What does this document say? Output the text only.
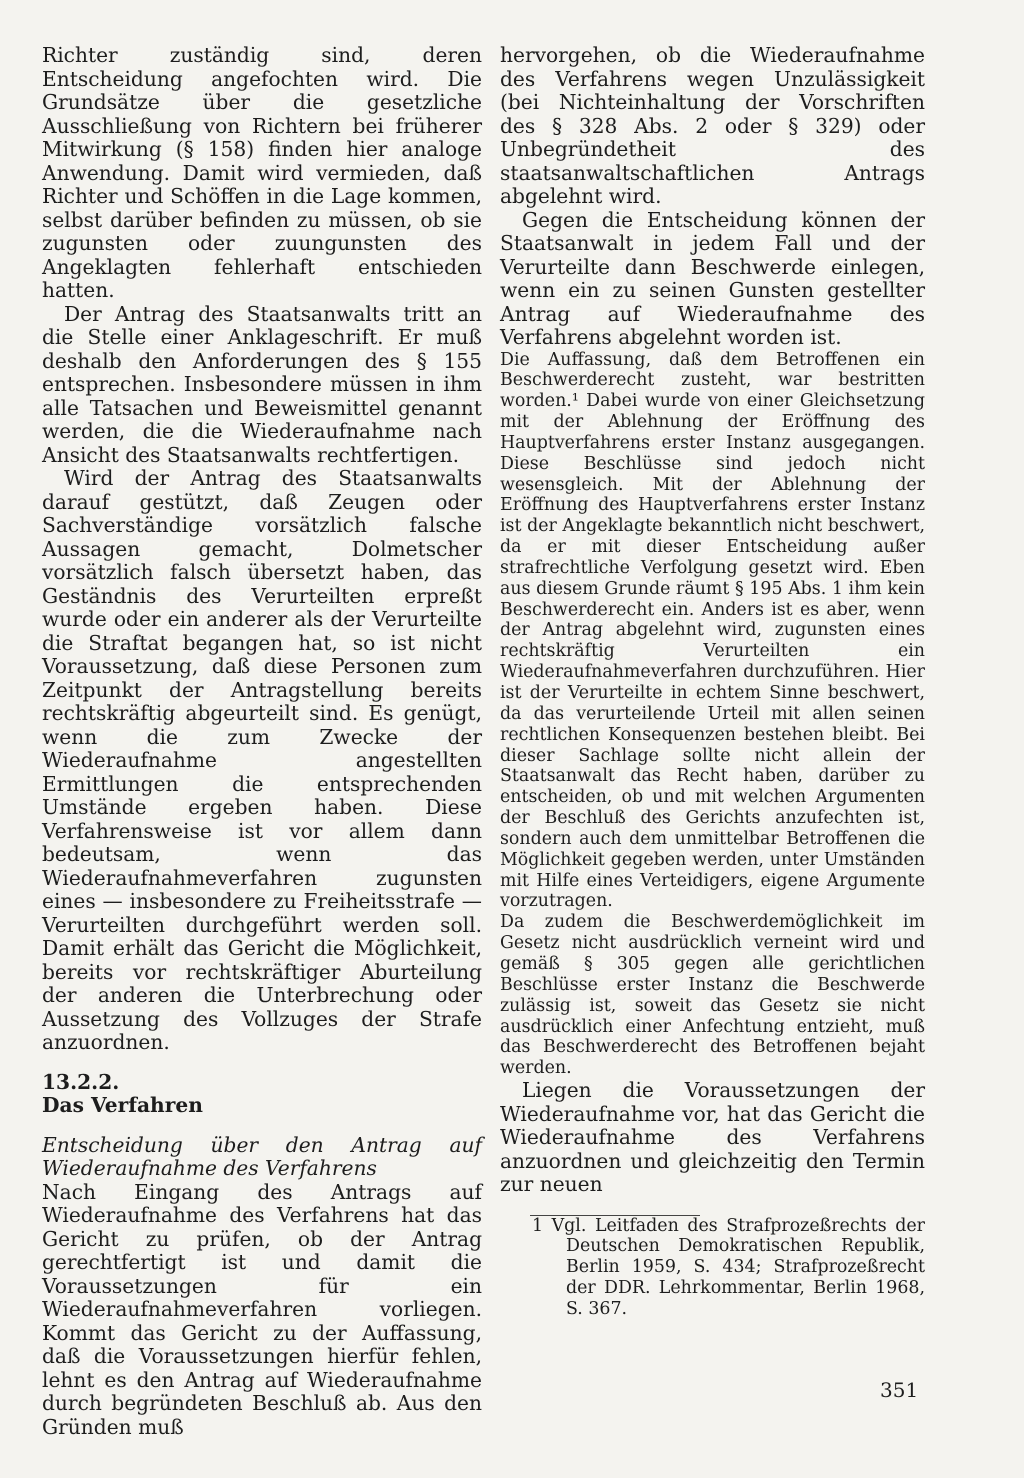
Richter zuständig sind, deren Entscheidung angefochten wird. Die Grundsätze über die gesetzliche Ausschließung von Richtern bei früherer Mitwirkung (§ 158) finden hier analoge Anwendung. Damit wird vermieden, daß Richter und Schöffen in die Lage kommen, selbst darüber befinden zu müssen, ob sie zugunsten oder zuungunsten des Angeklagten fehlerhaft entschieden hatten.

Der Antrag des Staatsanwalts tritt an die Stelle einer Anklageschrift. Er muß deshalb den Anforderungen des § 155 entsprechen. Insbesondere müssen in ihm alle Tatsachen und Beweismittel genannt werden, die die Wiederaufnahme nach Ansicht des Staatsanwalts rechtfertigen.

Wird der Antrag des Staatsanwalts darauf gestützt, daß Zeugen oder Sachverständige vorsätzlich falsche Aussagen gemacht, Dolmetscher vorsätzlich falsch übersetzt haben, das Geständnis des Verurteilten erpreßt wurde oder ein anderer als der Verurteilte die Straftat begangen hat, so ist nicht Voraussetzung, daß diese Personen zum Zeitpunkt der Antragstellung bereits rechtskräftig abgeurteilt sind. Es genügt, wenn die zum Zwecke der Wiederaufnahme angestellten Ermittlungen die entsprechenden Umstände ergeben haben. Diese Verfahrensweise ist vor allem dann bedeutsam, wenn das Wiederaufnahmeverfahren zugunsten eines — insbesondere zu Freiheitsstrafe — Verurteilten durchgeführt werden soll. Damit erhält das Gericht die Möglichkeit, bereits vor rechtskräftiger Aburteilung der anderen die Unterbrechung oder Aussetzung des Vollzuges der Strafe anzuordnen.

13.2.2.

Das Verfahren

Entscheidung über den Antrag auf Wiederaufnahme des Verfahrens

Nach Eingang des Antrags auf Wiederaufnahme des Verfahrens hat das Gericht zu prüfen, ob der Antrag gerechtfertigt ist und damit die Voraussetzungen für ein Wiederaufnahmeverfahren vorliegen. Kommt das Gericht zu der Auffassung, daß die Voraussetzungen hierfür fehlen, lehnt es den Antrag auf Wiederaufnahme durch begründeten Beschluß ab. Aus den Gründen muß

hervorgehen, ob die Wiederaufnahme des Verfahrens wegen Unzulässigkeit (bei Nichteinhaltung der Vorschriften des § 328 Abs. 2 oder § 329) oder Unbegründetheit des staatsanwaltschaftlichen Antrags abgelehnt wird.

Gegen die Entscheidung können der Staatsanwalt in jedem Fall und der Verurteilte dann Beschwerde einlegen, wenn ein zu seinen Gunsten gestellter Antrag auf Wiederaufnahme des Verfahrens abgelehnt worden ist.

Die Auffassung, daß dem Betroffenen ein Beschwerderecht zusteht, war bestritten worden.¹ Dabei wurde von einer Gleichsetzung mit der Ablehnung der Eröffnung des Hauptverfahrens erster Instanz ausgegangen. Diese Beschlüsse sind jedoch nicht wesensgleich. Mit der Ablehnung der Eröffnung des Hauptverfahrens erster Instanz ist der Angeklagte bekanntlich nicht beschwert, da er mit dieser Entscheidung außer strafrechtliche Verfolgung gesetzt wird. Eben aus diesem Grunde räumt § 195 Abs. 1 ihm kein Beschwerderecht ein. Anders ist es aber, wenn der Antrag abgelehnt wird, zugunsten eines rechtskräftig Verurteilten ein Wiederaufnahmeverfahren durchzuführen. Hier ist der Verurteilte in echtem Sinne beschwert, da das verurteilende Urteil mit allen seinen rechtlichen Konsequenzen bestehen bleibt. Bei dieser Sachlage sollte nicht allein der Staatsanwalt das Recht haben, darüber zu entscheiden, ob und mit welchen Argumenten der Beschluß des Gerichts anzufechten ist, sondern auch dem unmittelbar Betroffenen die Möglichkeit gegeben werden, unter Umständen mit Hilfe eines Verteidigers, eigene Argumente vorzutragen.

Da zudem die Beschwerdemöglichkeit im Gesetz nicht ausdrücklich verneint wird und gemäß § 305 gegen alle gerichtlichen Beschlüsse erster Instanz die Beschwerde zulässig ist, soweit das Gesetz sie nicht ausdrücklich einer Anfechtung entzieht, muß das Beschwerderecht des Betroffenen bejaht werden.

Liegen die Voraussetzungen der Wiederaufnahme vor, hat das Gericht die Wiederaufnahme des Verfahrens anzuordnen und gleichzeitig den Termin zur neuen

1 Vgl. Leitfaden des Strafprozeßrechts der Deutschen Demokratischen Republik, Berlin 1959, S. 434; Strafprozeßrecht der DDR. Lehrkommentar, Berlin 1968, S. 367.

351
